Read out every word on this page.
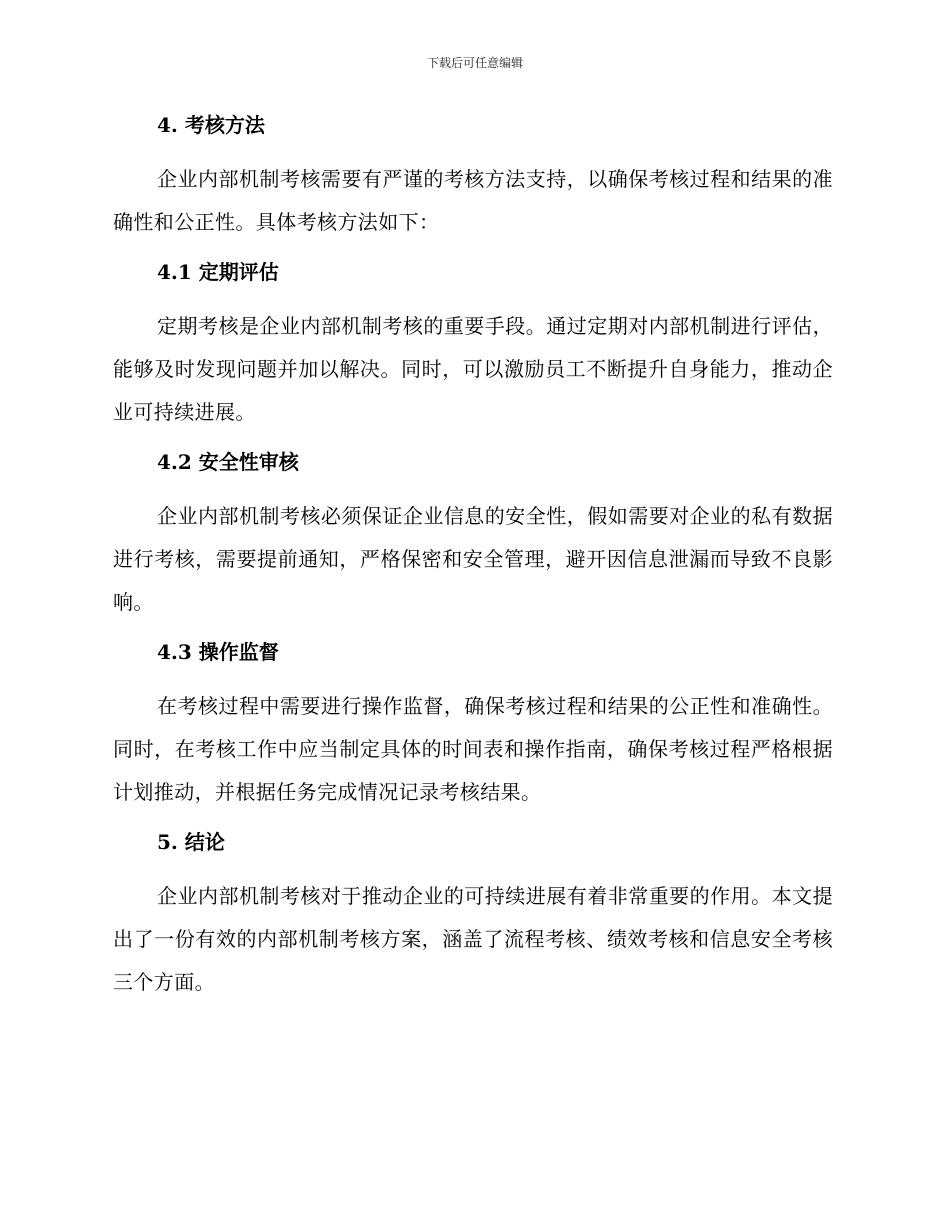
下载后可任意编辑
4. 考核方法

企业内部机制考核需要有严谨的考核方法支持，以确保考核过程和结果的准确性和公正性。具体考核方法如下：

4.1 定期评估

定期考核是企业内部机制考核的重要手段。通过定期对内部机制进行评估，能够及时发现问题并加以解决。同时，可以激励员工不断提升自身能力，推动企业可持续进展。

4.2 安全性审核

企业内部机制考核必须保证企业信息的安全性，假如需要对企业的私有数据进行考核，需要提前通知，严格保密和安全管理，避开因信息泄漏而导致不良影响。

4.3 操作监督

在考核过程中需要进行操作监督，确保考核过程和结果的公正性和准确性。同时，在考核工作中应当制定具体的时间表和操作指南，确保考核过程严格根据计划推动，并根据任务完成情况记录考核结果。

5. 结论

企业内部机制考核对于推动企业的可持续进展有着非常重要的作用。本文提出了一份有效的内部机制考核方案，涵盖了流程考核、绩效考核和信息安全考核三个方面。
